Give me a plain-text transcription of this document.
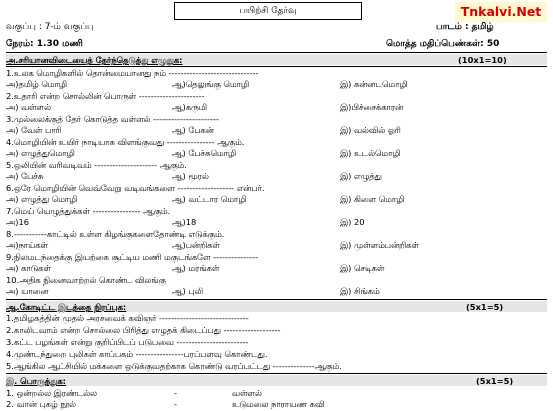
பயிற்சி தேர்வு	Tnkalvi.Net
வகுப்பு : 7-ம் வகுப்பு	பாடம் : தமிழ்
நேரம்: 1.30 மணி	மொத்த மதிப்பெண்கள்: 50
அ.சரியானவிடையைத் தேர்ந்தெடுத்து எழுதுக:	(10x1=10)
1.உலக மொழிகளில் தொன்மையானது நம் ------------------------------
அ)தமிழ் மொழி	ஆ)தெலுங்கு மொழி	இ) கன்னடமொழி
2.உதாரி என்ற சொல்லின் பொருள் ----------------------
அ) வள்ளல்	ஆ)கருமி	இ)பிச்சைக்காரன்
3.முல்லைக்குத் தேர் கொடுத்த வள்ளல் ----------------------
அ) வேள் பாரி	ஆ) பேகன்	இ) வல்வில் ஓரி
4.மொழியின் உயிர் நாடியாக விளங்குவது ---------------- ஆகும்.
அ) எழுத்துமொழி	ஆ) பேச்சுமொழி	இ) உடல்மொழி
5.ஒலியின் வரிவடிவம் --------------------- ஆகும்.
அ) பேச்சு	ஆ) மூரல்	இ) எழுத்து
6.ஒரே மொழியின் வெவ்வேறு வடிவங்களை ------------------- என்பர்.
அ) எழுத்து மொழி	ஆ) வட்டார மொழி	இ) கிளை மொழி
7.மெய் யெழுத்துக்கள் ---------------- ஆகும்.
அ)16	ஆ)18	இ) 20
8.-----------காட்டில் உள்ள கிழங்குகளைதோண்டி எடுக்கும்.
அ)நாய்கள்	ஆ)பன்றிகள்	இ) முள்ளம்பன்றிகள்
9.நிலமடந்தைக்கு இயற்கை சூட்டிய மணி மகுடங்களே ---------------
அ) காடுகள்	ஆ) மரங்கள்	இ) செடிகள்
10.அதிக நினைவாற்றல் கொண்ட விலங்கு
அ) யானை	ஆ) புலி	இ) சிங்கம்
ஆ.கோடிட்ட இடத்தை நிரப்புக:	(5x1=5)
1.தமிழகத்தின் முதல் அரசவைக் கவிஞர் ------------------------------
2.காலிடவாம் என்ற சொல்லை பிரித்து எழுதக் கிடைப்பது -------------------
3.கட்ட பழங்கள் என்று குறிப்பிடப் படுபவை ------------------------
4.முண்டந்துறை புலிகள் காப்பகம் ----------------பரப்பளவு கொண்டது.
5.ஆங்கில ஆட்சியில் மக்களை ஒடுக்குவதற்காக கொண்டு வரப்பட்டது --------------ஆகும்.
இ. பொருத்துக:	(5x1=5)
1. ஒன்றல்ல இரண்டல்ல	-	வள்ளல்
2. வான் புகழ் நூல்	-	உடுமலை நாராயண கவி
